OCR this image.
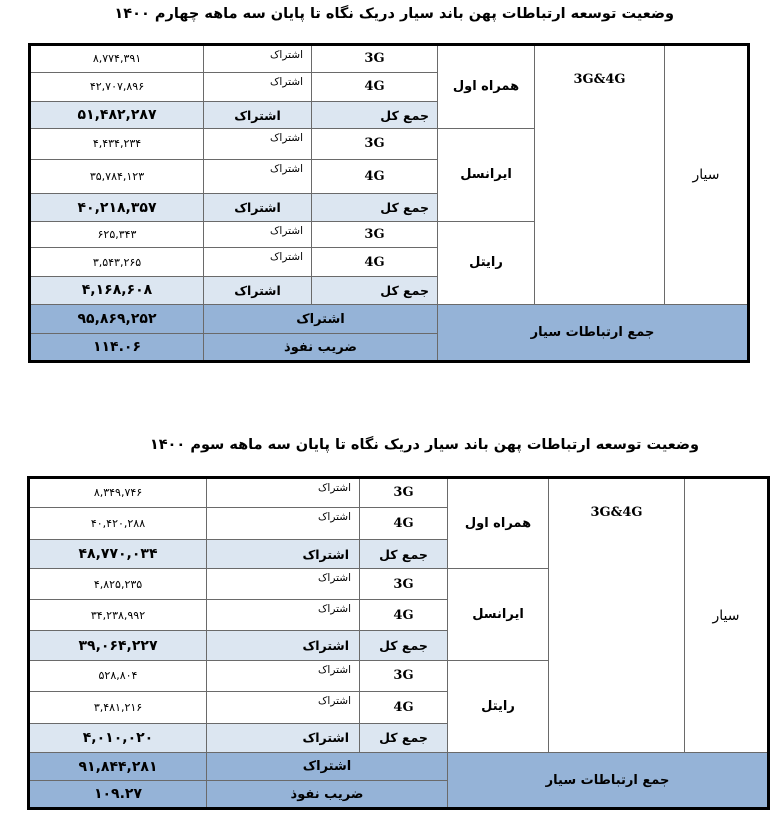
وضعیت توسعه ارتباطات پهن باند سیار دریک نگاه تا پایان سه ماهه چهارم ۱۴۰۰
۸,۷۷۴,۳۹۱	اشتراک	3G	همراه اول	3G&4G	سیار
۴۲,۷۰۷,۸۹۶	اشتراک	4G			
۵۱,۴۸۲,۲۸۷	اشتراک	جمع کل			
۴,۴۳۴,۲۳۴	اشتراک	3G	ایرانسل		
۳۵,۷۸۴,۱۲۳	اشتراک	4G			
۴۰,۲۱۸,۳۵۷	اشتراک	جمع کل			
۶۲۵,۳۴۳	اشتراک	3G	رایتل		
۳,۵۴۳,۲۶۵	اشتراک	4G			
۴,۱۶۸,۶۰۸	اشتراک	جمع کل			
۹۵,۸۶۹,۲۵۲	اشتراک		جمع ارتباطات سیار		
۱۱۴.۰۶	ضریب نفوذ				
وضعیت توسعه ارتباطات پهن باند سیار دریک نگاه تا پایان سه ماهه سوم ۱۴۰۰
۸,۳۴۹,۷۴۶	اشتراک	3G	همراه اول	3G&4G	سیار
۴۰,۴۲۰,۲۸۸	اشتراک	4G			
۴۸,۷۷۰,۰۳۴	اشتراک	جمع کل			
۴,۸۲۵,۲۳۵	اشتراک	3G	ایرانسل		
۳۴,۲۳۸,۹۹۲	اشتراک	4G			
۳۹,۰۶۴,۲۲۷	اشتراک	جمع کل			
۵۲۸,۸۰۴	اشتراک	3G	رایتل		
۳,۴۸۱,۲۱۶	اشتراک	4G			
۴,۰۱۰,۰۲۰	اشتراک	جمع کل			
۹۱,۸۴۴,۲۸۱	اشتراک		جمع ارتباطات سیار		
۱۰۹.۲۷	ضریب نفوذ				
